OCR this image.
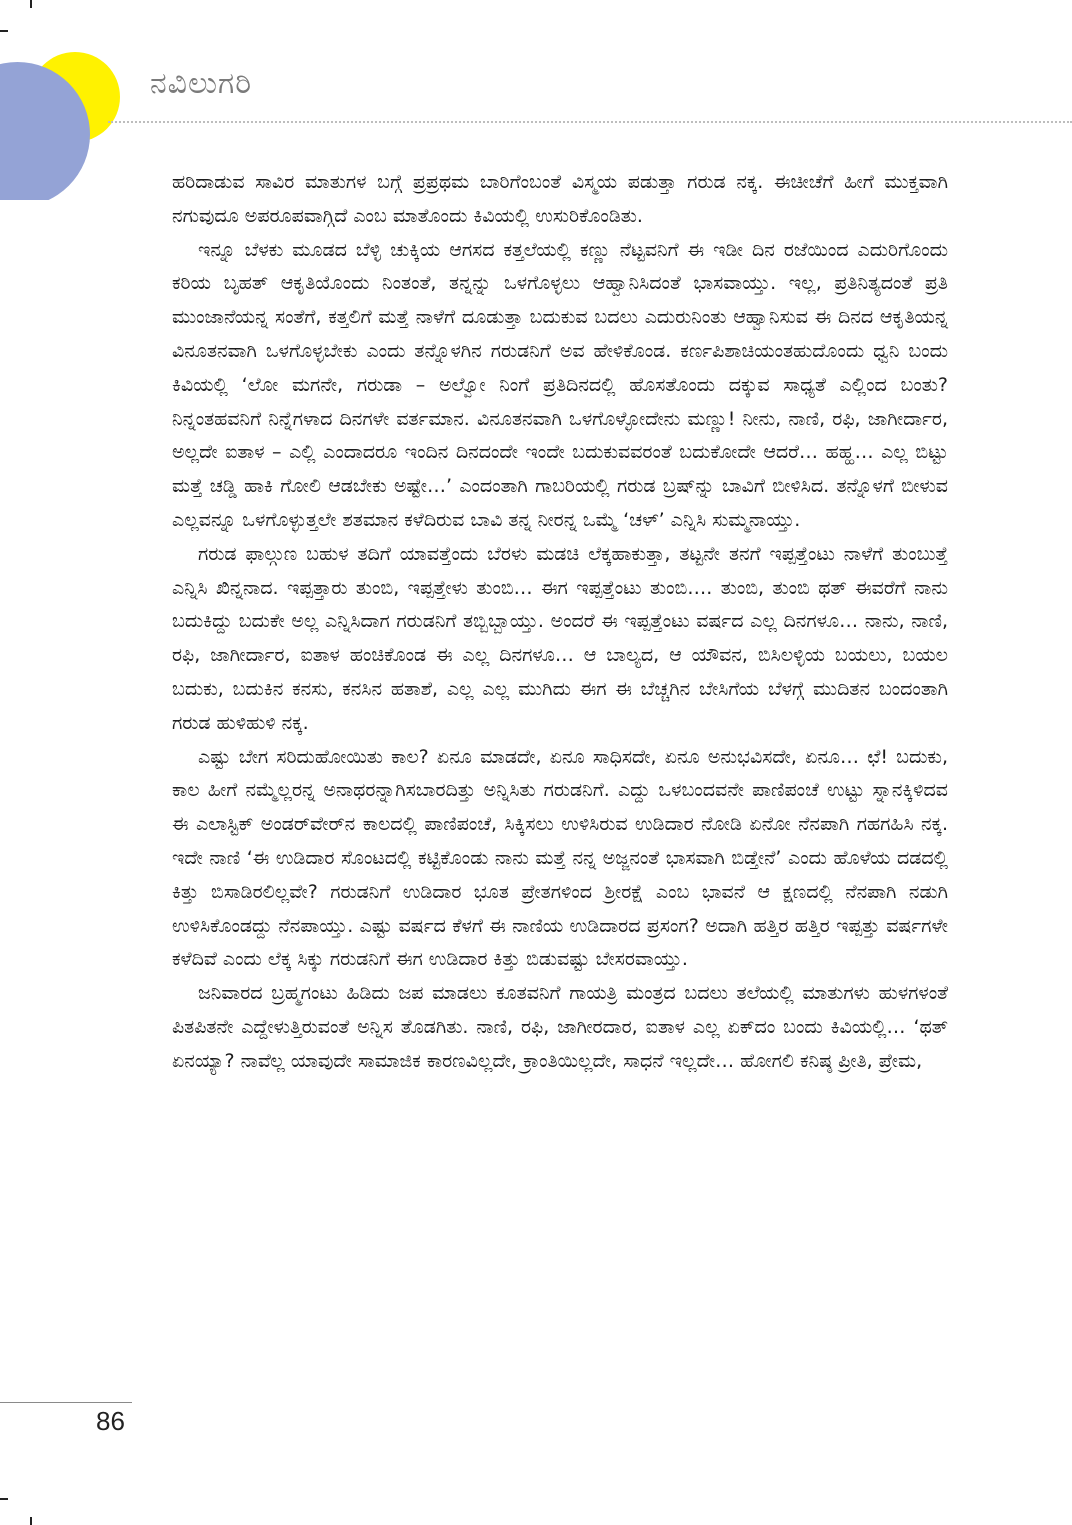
ನವಿಲುಗರಿ

ಹರಿದಾಡುವ ಸಾವಿರ ಮಾತುಗಳ ಬಗ್ಗೆ ಪ್ರಪ್ರಥಮ ಬಾರಿಗೆಂಬಂತೆ ವಿಸ್ಮಯ ಪಡುತ್ತಾ ಗರುಡ ನಕ್ಕ. ಈಚೀಚೆಗೆ ಹೀಗೆ ಮುಕ್ತವಾಗಿ ನಗುವುದೂ ಅಪರೂಪವಾಗ್ಗಿದೆ ಎಂಬ ಮಾತೊಂದು ಕಿವಿಯಲ್ಲಿ ಉಸುರಿಕೊಂಡಿತು.

ಇನ್ನೂ ಬೆಳಕು ಮೂಡದ ಬೆಳ್ಳಿ ಚುಕ್ಕಿಯ ಆಗಸದ ಕತ್ತಲೆಯಲ್ಲಿ ಕಣ್ಣು ನೆಟ್ಟವನಿಗೆ ಈ ಇಡೀ ದಿನ ರಜೆಯಿಂದ ಎದುರಿಗೊಂದು ಕರಿಯ ಬೃಹತ್ ಆಕೃತಿಯೊಂದು ನಿಂತಂತೆ, ತನ್ನನ್ನು ಒಳಗೊಳ್ಳಲು ಆಹ್ವಾನಿಸಿದಂತೆ ಭಾಸವಾಯ್ತು. ಇಲ್ಲ, ಪ್ರತಿನಿತ್ಯದಂತೆ ಪ್ರತಿ ಮುಂಜಾನೆಯನ್ನ ಸಂತೆಗೆ, ಕತ್ತಲಿಗೆ ಮತ್ತೆ ನಾಳೆಗೆ ದೂಡುತ್ತಾ ಬದುಕುವ ಬದಲು ಎದುರುನಿಂತು ಆಹ್ವಾನಿಸುವ ಈ ದಿನದ ಆಕೃತಿಯನ್ನ ವಿನೂತನವಾಗಿ ಒಳಗೊಳ್ಳಬೇಕು ಎಂದು ತನ್ನೊಳಗಿನ ಗರುಡನಿಗೆ ಅವ ಹೇಳಿಕೊಂಡ. ಕರ್ಣಪಿಶಾಚಿಯಂತಹುದೊಂದು ಧ್ವನಿ ಬಂದು ಕಿವಿಯಲ್ಲಿ ‘ಲೋ ಮಗನೇ, ಗರುಡಾ – ಅಲ್ವೋ ನಿಂಗೆ ಪ್ರತಿದಿನದಲ್ಲಿ ಹೊಸತೊಂದು ದಕ್ಕುವ ಸಾಧ್ಯತೆ ಎಲ್ಲಿಂದ ಬಂತು? ನಿನ್ನಂತಹವನಿಗೆ ನಿನ್ನೆಗಳಾದ ದಿನಗಳೇ ವರ್ತಮಾನ. ವಿನೂತನವಾಗಿ ಒಳಗೊಳ್ಳೋದೇನು ಮಣ್ಣು! ನೀನು, ನಾಣಿ, ರಫಿ, ಜಾಗೀರ್ದಾರ, ಅಲ್ಲದೇ ಐತಾಳ – ಎಲ್ಲಿ ಎಂದಾದರೂ ಇಂದಿನ ದಿನದಂದೇ ಇಂದೇ ಬದುಕುವವರಂತೆ ಬದುಕೋದೇ ಆದರೆ… ಹಹ್ಹ… ಎಲ್ಲ ಬಿಟ್ಟು ಮತ್ತೆ ಚಡ್ಡಿ ಹಾಕಿ ಗೋಲಿ ಆಡಬೇಕು ಅಷ್ಟೇ…’ ಎಂದಂತಾಗಿ ಗಾಬರಿಯಲ್ಲಿ ಗರುಡ ಬ್ರಷ್‌ನ್ನು ಬಾವಿಗೆ ಬೀಳಿಸಿದ. ತನ್ನೊಳಗೆ ಬೀಳುವ ಎಲ್ಲವನ್ನೂ ಒಳಗೊಳ್ಳುತ್ತಲೇ ಶತಮಾನ ಕಳೆದಿರುವ ಬಾವಿ ತನ್ನ ನೀರನ್ನ ಒಮ್ಮೆ ‘ಚಳ್’ ಎನ್ನಿಸಿ ಸುಮ್ಮನಾಯ್ತು.

ಗರುಡ ಫಾಲ್ಗುಣ ಬಹುಳ ತದಿಗೆ ಯಾವತ್ತೆಂದು ಬೆರಳು ಮಡಚಿ ಲೆಕ್ಕಹಾಕುತ್ತಾ, ತಟ್ಟನೇ ತನಗೆ ಇಪ್ಪತ್ತೆಂಟು ನಾಳೆಗೆ ತುಂಬುತ್ತೆ ಎನ್ನಿಸಿ ಖಿನ್ನನಾದ. ಇಪ್ಪತ್ತಾರು ತುಂಬಿ, ಇಪ್ಪತ್ತೇಳು ತುಂಬಿ… ಈಗ ಇಪ್ಪತ್ತೆಂಟು ತುಂಬಿ…. ತುಂಬಿ, ತುಂಬಿ ಥತ್ ಈವರೆಗೆ ನಾನು ಬದುಕಿದ್ದು ಬದುಕೇ ಅಲ್ಲ ಎನ್ನಿಸಿದಾಗ ಗರುಡನಿಗೆ ತಬ್ಬಿಬ್ಬಾಯ್ತು. ಅಂದರೆ ಈ ಇಪ್ಪತ್ತೆಂಟು ವರ್ಷದ ಎಲ್ಲ ದಿನಗಳೂ… ನಾನು, ನಾಣಿ, ರಫಿ, ಜಾಗೀರ್ದಾರ, ಐತಾಳ ಹಂಚಿಕೊಂಡ ಈ ಎಲ್ಲ ದಿನಗಳೂ… ಆ ಬಾಲ್ಯದ, ಆ ಯೌವನ, ಬಿಸಿಲಳ್ಳಿಯ ಬಯಲು, ಬಯಲ ಬದುಕು, ಬದುಕಿನ ಕನಸು, ಕನಸಿನ ಹತಾಶೆ, ಎಲ್ಲ ಎಲ್ಲ ಮುಗಿದು ಈಗ ಈ ಬೆಚ್ಚಗಿನ ಬೇಸಿಗೆಯ ಬೆಳಗ್ಗೆ ಮುದಿತನ ಬಂದಂತಾಗಿ ಗರುಡ ಹುಳಿಹುಳಿ ನಕ್ಕ.

ಎಷ್ಟು ಬೇಗ ಸರಿದುಹೋಯಿತು ಕಾಲ? ಏನೂ ಮಾಡದೇ, ಏನೂ ಸಾಧಿಸದೇ, ಏನೂ ಅನುಭವಿಸದೇ, ಏನೂ… ಛೆ! ಬದುಕು, ಕಾಲ ಹೀಗೆ ನಮ್ಮೆಲ್ಲರನ್ನ ಅನಾಥರನ್ನಾಗಿಸಬಾರದಿತ್ತು ಅನ್ನಿಸಿತು ಗರುಡನಿಗೆ. ಎದ್ದು ಒಳಬಂದವನೇ ಪಾಣಿಪಂಚೆ ಉಟ್ಟು ಸ್ನಾನಕ್ಕಿಳಿದವ ಈ ಎಲಾಸ್ಟಿಕ್ ಅಂಡರ್‌ವೇರ್‌ನ ಕಾಲದಲ್ಲಿ ಪಾಣಿಪಂಚೆ, ಸಿಕ್ಕಿಸಲು ಉಳಿಸಿರುವ ಉಡಿದಾರ ನೋಡಿ ಏನೋ ನೆನಪಾಗಿ ಗಹಗಹಿಸಿ ನಕ್ಕ. ಇದೇ ನಾಣಿ ‘ಈ ಉಡಿದಾರ ಸೊಂಟದಲ್ಲಿ ಕಟ್ಟಿಕೊಂಡು ನಾನು ಮತ್ತೆ ನನ್ನ ಅಜ್ಜನಂತೆ ಭಾಸವಾಗಿ ಬಿಡ್ತೇನೆ’ ಎಂದು ಹೊಳೆಯ ದಡದಲ್ಲಿ ಕಿತ್ತು ಬಿಸಾಡಿರಲಿಲ್ಲವೇ? ಗರುಡನಿಗೆ ಉಡಿದಾರ ಭೂತ ಪ್ರೇತಗಳಿಂದ ಶ್ರೀರಕ್ಷೆ ಎಂಬ ಭಾವನೆ ಆ ಕ್ಷಣದಲ್ಲಿ ನೆನಪಾಗಿ ನಡುಗಿ ಉಳಿಸಿಕೊಂಡದ್ದು ನೆನಪಾಯ್ತು. ಎಷ್ಟು ವರ್ಷದ ಕೆಳಗೆ ಈ ನಾಣಿಯ ಉಡಿದಾರದ ಪ್ರಸಂಗ? ಅದಾಗಿ ಹತ್ತಿರ ಹತ್ತಿರ ಇಪ್ಪತ್ತು ವರ್ಷಗಳೇ ಕಳೆದಿವೆ ಎಂದು ಲೆಕ್ಕ ಸಿಕ್ಕು ಗರುಡನಿಗೆ ಈಗ ಉಡಿದಾರ ಕಿತ್ತು ಬಿಡುವಷ್ಟು ಬೇಸರವಾಯ್ತು.

ಜನಿವಾರದ ಬ್ರಹ್ಮಗಂಟು ಹಿಡಿದು ಜಪ ಮಾಡಲು ಕೂತವನಿಗೆ ಗಾಯತ್ರಿ ಮಂತ್ರದ ಬದಲು ತಲೆಯಲ್ಲಿ ಮಾತುಗಳು ಹುಳಗಳಂತೆ ಪಿತಪಿತನೇ ಎದ್ದೇಳುತ್ತಿರುವಂತೆ ಅನ್ನಿಸ ತೊಡಗಿತು. ನಾಣಿ, ರಫಿ, ಜಾಗೀರದಾರ, ಐತಾಳ ಎಲ್ಲ ಏಕ್‌ದಂ ಬಂದು ಕಿವಿಯಲ್ಲಿ… ‘ಥತ್ ಏನಯ್ಯಾ? ನಾವೆಲ್ಲ ಯಾವುದೇ ಸಾಮಾಜಿಕ ಕಾರಣವಿಲ್ಲದೇ, ಕ್ರಾಂತಿಯಿಲ್ಲದೇ, ಸಾಧನೆ ಇಲ್ಲದೇ… ಹೋಗಲಿ ಕನಿಷ್ಠ ಪ್ರೀತಿ, ಪ್ರೇಮ,

86
